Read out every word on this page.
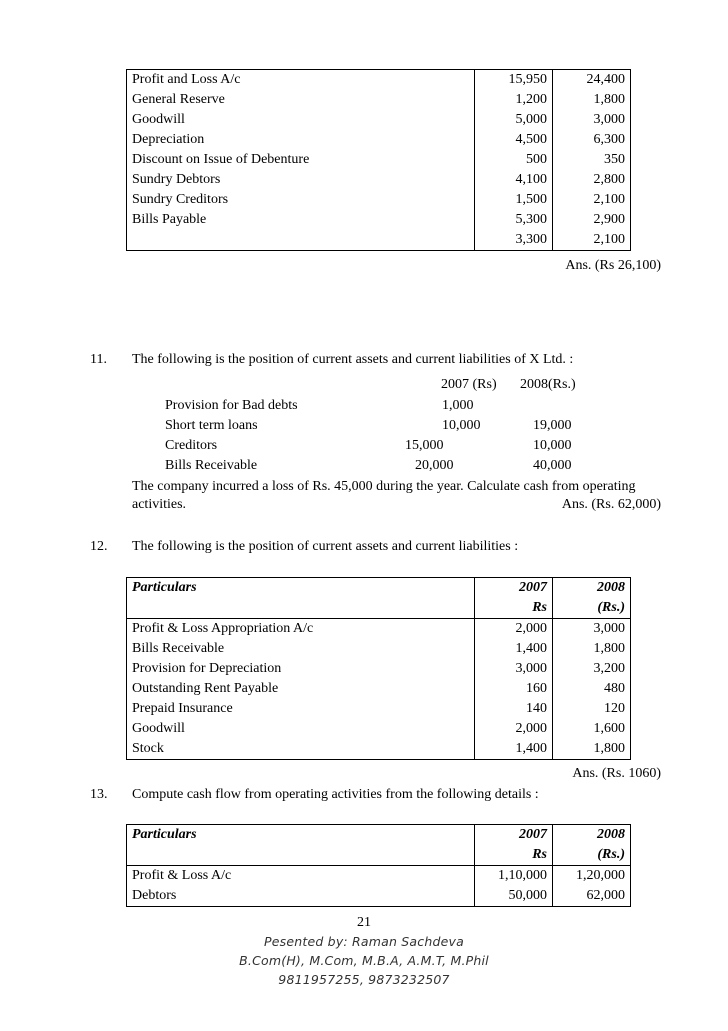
Profit and Loss A/c	15,950	24,400
General Reserve	1,200	1,800
Goodwill	5,000	3,000
Depreciation	4,500	6,300
Discount on Issue of Debenture	500	350
Sundry Debtors	4,100	2,800
Sundry Creditors	1,500	2,100
Bills Payable	5,300	2,900
	3,300	2,100
Ans. (Rs 26,100)
11. The following is the position of current assets and current liabilities of X Ltd. :
2007 (Rs) 2008(Rs.)
Provision for Bad debts	1,000
Short term loans	10,000	19,000
Creditors	15,000	10,000
Bills Receivable	20,000	40,000
The company incurred a loss of Rs. 45,000 during the year. Calculate cash from operating
activities.	Ans. (Rs. 62,000)
12. The following is the position of current assets and current liabilities :
Particulars	2007	2008
	Rs	(Rs.)
Profit & Loss Appropriation A/c	2,000	3,000
Bills Receivable	1,400	1,800
Provision for Depreciation	3,000	3,200
Outstanding Rent Payable	160	480
Prepaid Insurance	140	120
Goodwill	2,000	1,600
Stock	1,400	1,800
Ans. (Rs. 1060)
13. Compute cash flow from operating activities from the following details :
Particulars	2007	2008
	Rs	(Rs.)
Profit & Loss A/c	1,10,000	1,20,000
Debtors	50,000	62,000
21
Pesented by: Raman Sachdeva
B.Com(H), M.Com, M.B.A, A.M.T, M.Phil
9811957255, 9873232507
